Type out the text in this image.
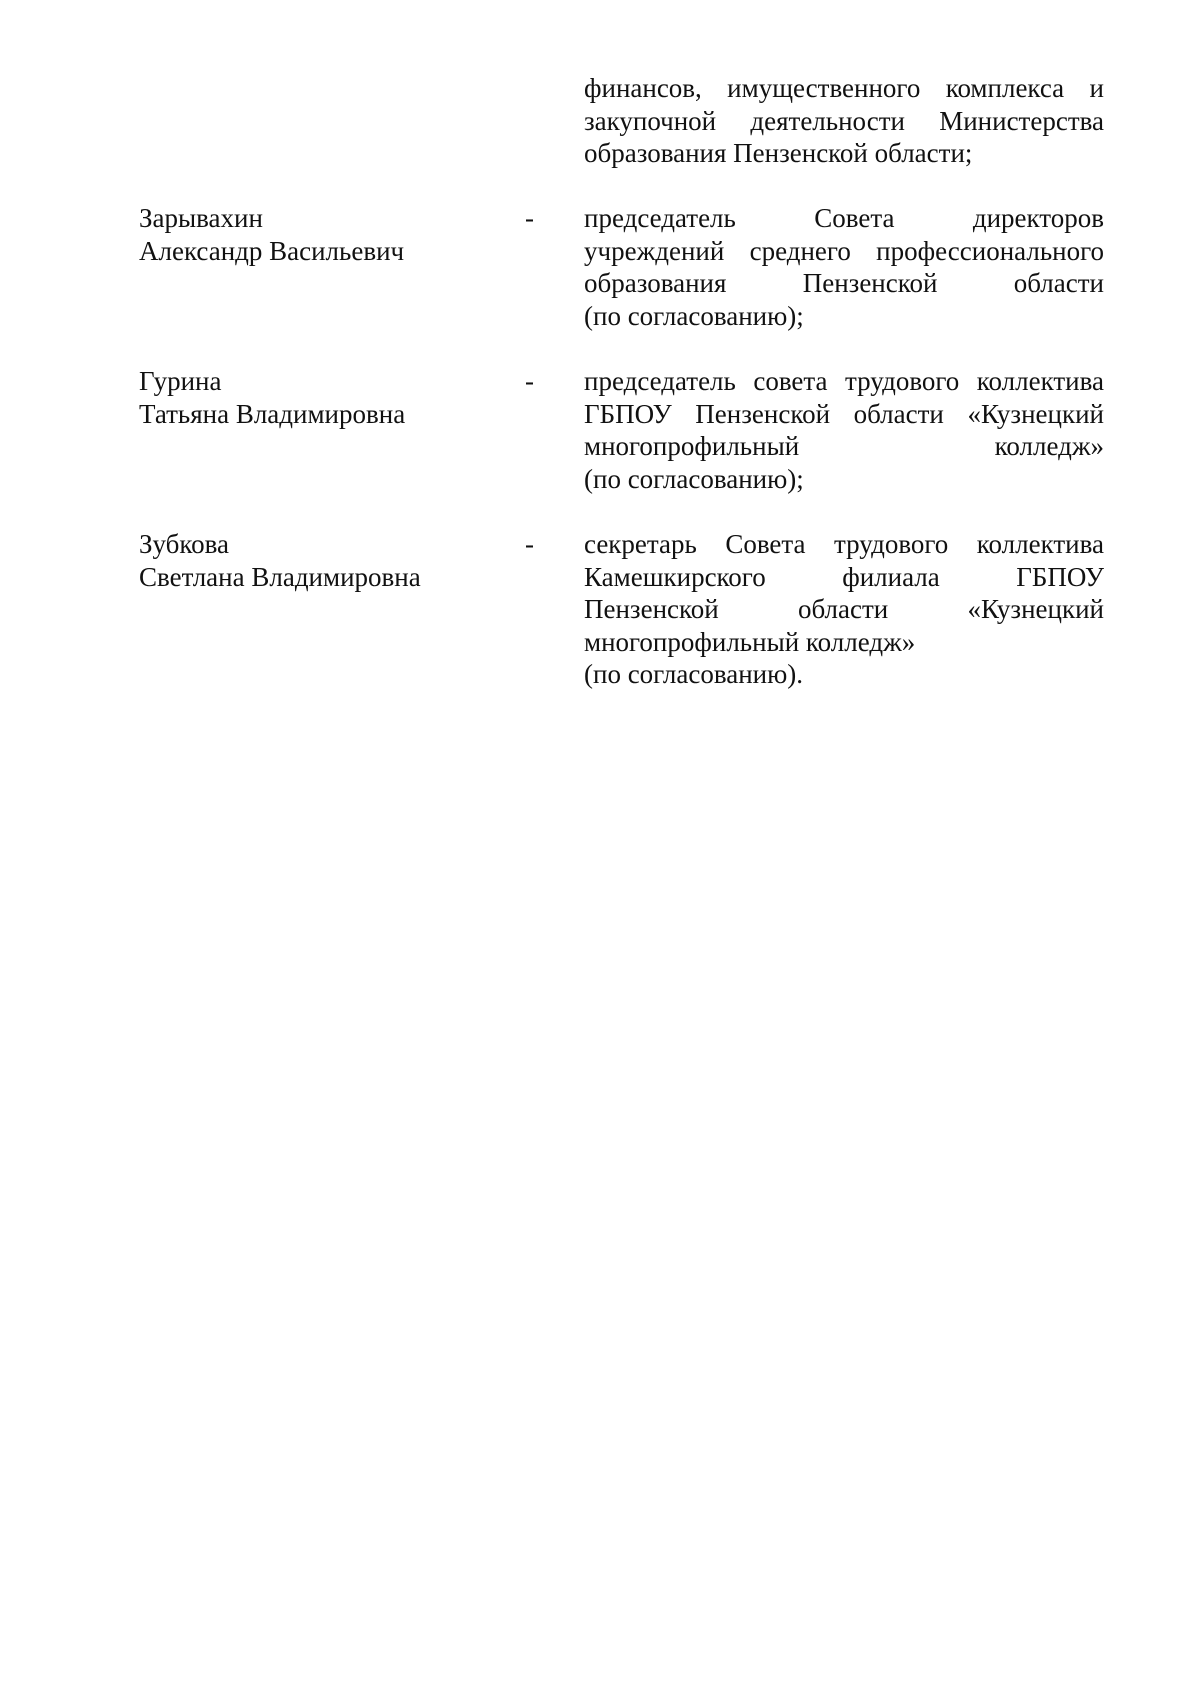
финансов, имущественного комплекса и
закупочной деятельности Министерства
образования Пензенской области;
Зарывахин
Александр Васильевич
- председатель Совета директоров
учреждений среднего профессионального
образования Пензенской области
(по согласованию);
Гурина
Татьяна Владимировна
- председатель совета трудового коллектива
ГБПОУ Пензенской области «Кузнецкий
многопрофильный колледж»
(по согласованию);
Зубкова
Светлана Владимировна
- секретарь Совета трудового коллектива
Камешкирского филиала ГБПОУ
Пензенской области «Кузнецкий
многопрофильный колледж»
(по согласованию).
